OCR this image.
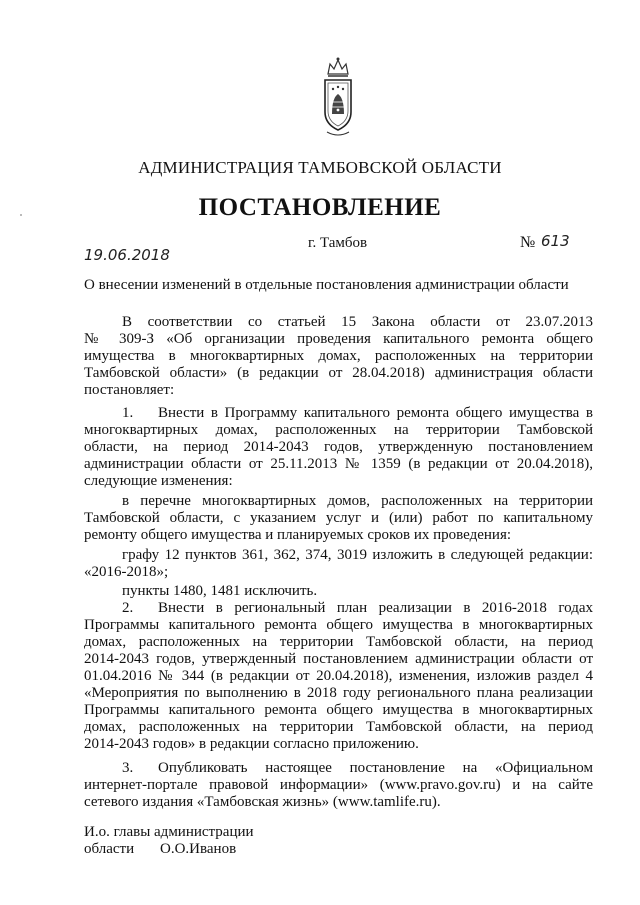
АДМИНИСТРАЦИЯ ТАМБОВСКОЙ ОБЛАСТИ
ПОСТАНОВЛЕНИЕ
19.06.2018
г. Тамбов	№ 613
О внесении изменений в отдельные постановления администрации области
В соответствии со статьей 15 Закона области от 23.07.2013
№ 309-З «Об организации проведения капитального ремонта общего
имущества в многоквартирных домах, расположенных на территории
Тамбовской области» (в редакции от 28.04.2018) администрация области
постановляет:
1. Внести в Программу капитального ремонта общего имущества в
многоквартирных домах, расположенных на территории Тамбовской
области, на период 2014-2043 годов, утвержденную постановлением
администрации области от 25.11.2013 № 1359 (в редакции от 20.04.2018),
следующие изменения:
в перечне многоквартирных домов, расположенных на территории
Тамбовской области, с указанием услуг и (или) работ по капитальному
ремонту общего имущества и планируемых сроков их проведения:
графу 12 пунктов 361, 362, 374, 3019 изложить в следующей редакции:
«2016-2018»;
пункты 1480, 1481 исключить.
2. Внести в региональный план реализации в 2016-2018 годах
Программы капитального ремонта общего имущества в многоквартирных
домах, расположенных на территории Тамбовской области, на период
2014-2043 годов, утвержденный постановлением администрации области от
01.04.2016 № 344 (в редакции от 20.04.2018), изменения, изложив раздел 4
«Мероприятия по выполнению в 2018 году регионального плана реализации
Программы капитального ремонта общего имущества в многоквартирных
домах, расположенных на территории Тамбовской области, на период
2014-2043 годов» в редакции согласно приложению.
3. Опубликовать настоящее постановление на «Официальном
интернет-портале правовой информации» (www.pravo.gov.ru) и на сайте
сетевого издания «Тамбовская жизнь» (www.tamlife.ru).
И.о. главы администрации
области О.О.Иванов
